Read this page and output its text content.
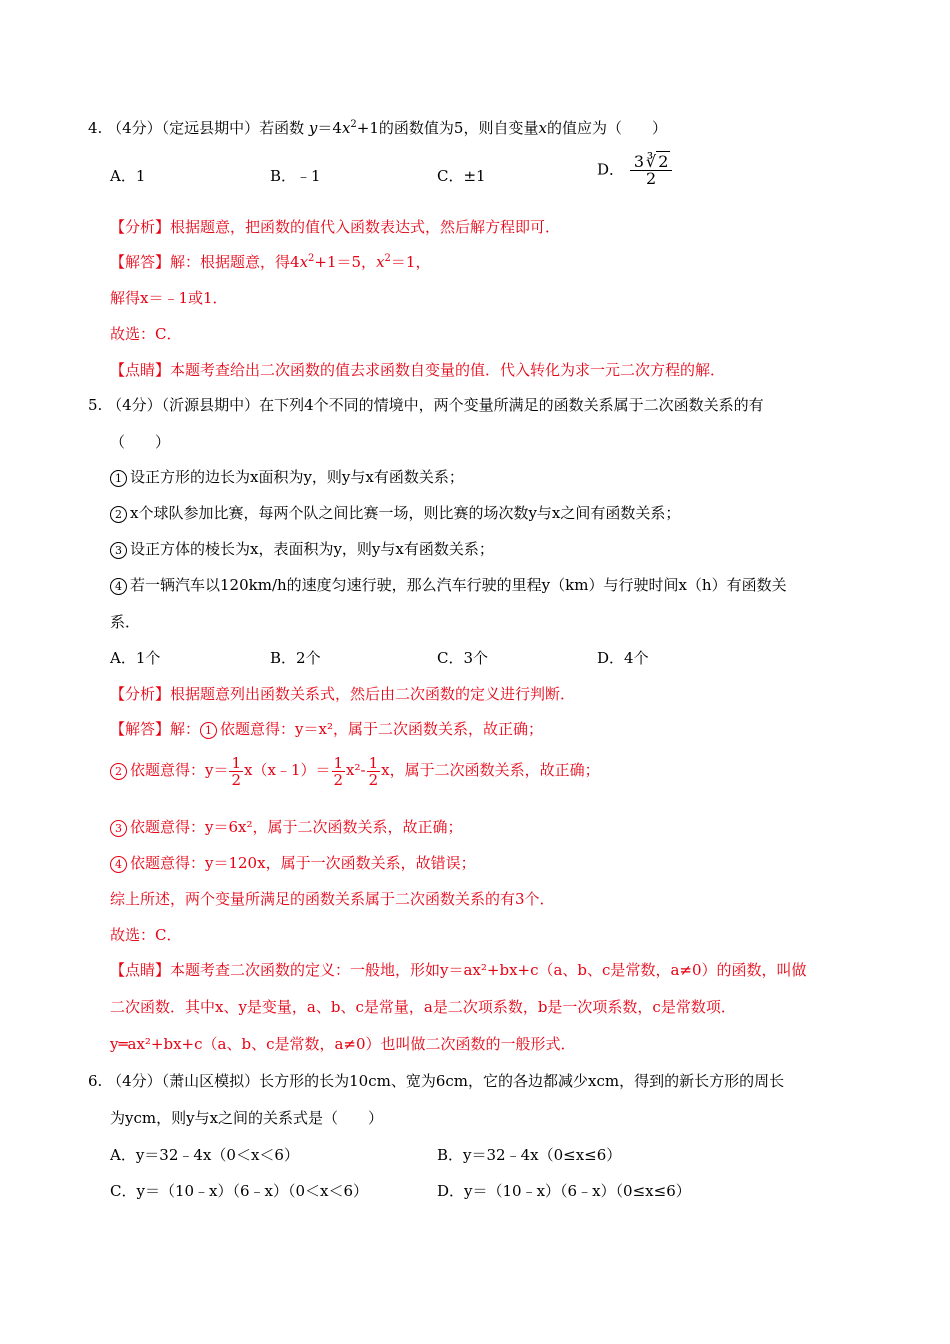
4. （4分）（定远县期中）若函数 $y=4x^2+1$的函数值为5，则自变量x的值应为（　　）
A．1	B．﹣1	C．±1	D． $\frac{3 ∛ 2}{2}$
【分析】根据题意，把函数的值代入函数表达式，然后解方程即可．
【解答】解：根据题意，得$4x^2+1=5$，$x^2=1$，
解得x＝﹣1或1．
故选：C．
【点睛】本题考查给出二次函数的值去求函数自变量的值．代入转化为求一元二次方程的解．
5. （4分）（沂源县期中）在下列4个不同的情境中，两个变量所满足的函数关系属于二次函数关系的有
（　　）
1 设正方形的边长为x面积为y，则y与x有函数关系；
2 x个球队参加比赛，每两个队之间比赛一场，则比赛的场次数y与x之间有函数关系；
3 设正方体的棱长为x，表面积为y，则y与x有函数关系；
4 若一辆汽车以120km/h的速度匀速行驶，那么汽车行驶的里程y（km）与行驶时间x（h）有函数关
系．
A．1个	B．2个	C．3个	D．4个
【分析】根据题意列出函数关系式，然后由二次函数的定义进行判断．
【解答】解： 1 依题意得：y＝x²，属于二次函数关系，故正确；
2 依题意得：$y= \frac{1}{2}$ x（x﹣1）＝ $\frac{1}{2} x^2- \frac{1}{2}$ x，属于二次函数关系，故正确；
3 依题意得：y＝6x²，属于二次函数关系，故正确；
4 依题意得：y＝120x，属于一次函数关系，故错误；
综上所述，两个变量所满足的函数关系属于二次函数关系的有3个．
故选：C．
【点睛】本题考查二次函数的定义：一般地，形如y＝ax²+bx+c（a、b、c是常数，a≠0）的函数，叫做
二次函数．其中x、y是变量，a、b、c是常量，a是二次项系数，b是一次项系数，c是常数项．
y═ax²+bx+c（a、b、c是常数，a≠0）也叫做二次函数的一般形式．
6. （4分）（萧山区模拟）长方形的长为10cm、宽为6cm，它的各边都减少xcm，得到的新长方形的周长
为ycm，则y与x之间的关系式是（　　）
A．y＝32﹣4x（0＜x＜6）	B．y＝32﹣4x（0≤x≤6）
C．y＝（10﹣x）（6﹣x）（0＜x＜6）	D．y＝（10﹣x）（6﹣x）（0≤x≤6）
